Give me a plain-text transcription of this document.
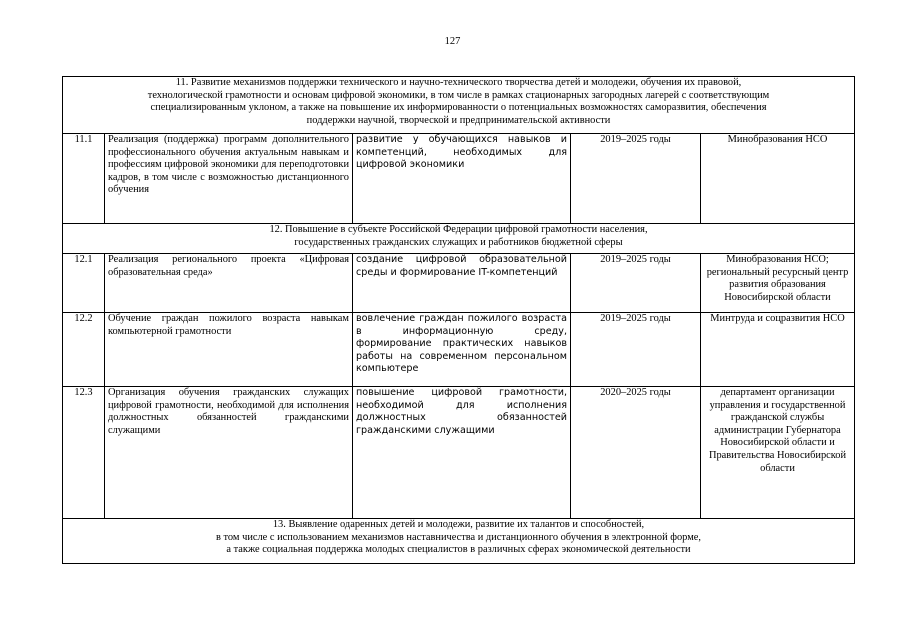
127
11. Развитие механизмов поддержки технического и научно-технического творчества детей и молодежи, обучения их правовой,
технологической грамотности и основам цифровой экономики, в том числе в рамках стационарных загородных лагерей с соответствующим
специализированным уклоном, а также на повышение их информированности о потенциальных возможностях саморазвития, обеспечения
поддержки научной, творческой и предпринимательской активности				

11.1	Реализация (поддержка) программ дополнительного профессионального обучения актуальным навыкам и профессиям цифровой экономики для переподготовки кадров, в том числе с возможностью дистанционного обучения	развитие у обучающихся навыков и компетенций, необходимых для цифровой экономики	2019–2025 годы	Минобразования НСО

12. Повышение в субъекте Российской Федерации цифровой грамотности населения,
государственных гражданских служащих и работников бюджетной сферы				

12.1	Реализация регионального проекта «Цифровая образовательная среда»	создание цифровой образовательной среды и формирование IT-компетенций	2019–2025 годы	Минобразования НСО; региональный ресурсный центр развития образования Новосибирской области
12.2	Обучение граждан пожилого возраста навыкам компьютерной грамотности	вовлечение граждан пожилого возраста в информационную среду, формирование практических навыков работы на современном персональном компьютере	2019–2025 годы	Минтруда и соцразвития НСО
12.3	Организация обучения гражданских служащих цифровой грамотности, необходимой для исполнения должностных обязанностей гражданскими служащими	повышение цифровой грамотности, необходимой для исполнения должностных обязанностей гражданскими служащими	2020–2025 годы	департамент организации управления и государственной гражданской службы администрации Губернатора Новосибирской области и Правительства Новосибирской области

13. Выявление одаренных детей и молодежи, развитие их талантов и способностей,
в том числе с использованием механизмов наставничества и дистанционного обучения в электронной форме,
а также социальная поддержка молодых специалистов в различных сферах экономической деятельности				
